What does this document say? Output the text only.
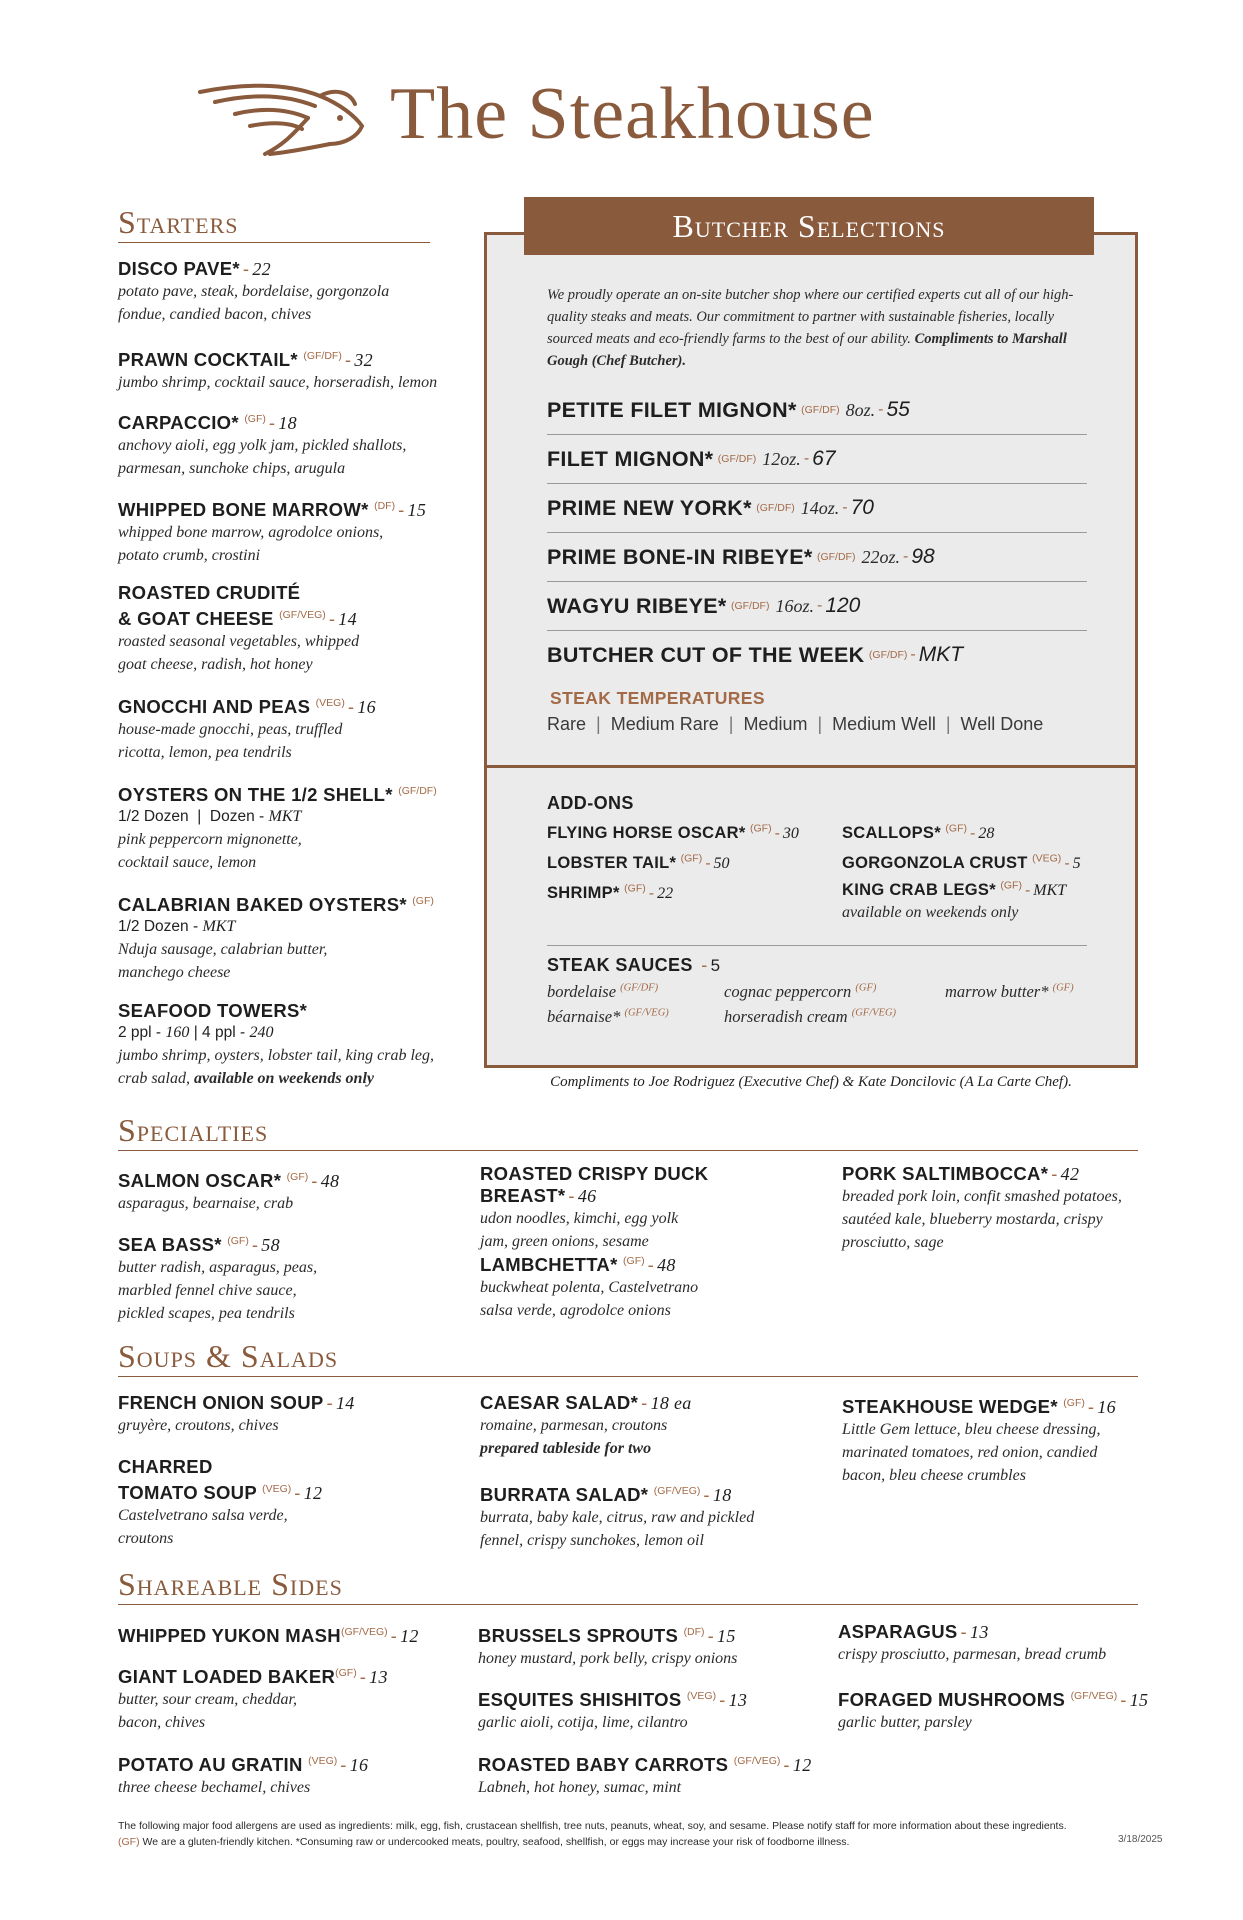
The Steakhouse
Starters
DISCO PAVE* - 22
potato pave, steak, bordelaise, gorgonzola
fondue, candied bacon, chives
PRAWN COCKTAIL* $^{(GF/DF)}$ - 32
jumbo shrimp, cocktail sauce, horseradish, lemon
CARPACCIO* $^{(GF)}$ - 18
anchovy aioli, egg yolk jam, pickled shallots,
parmesan, sunchoke chips, arugula
WHIPPED BONE MARROW* $^{(DF)}$ - 15
whipped bone marrow, agrodolce onions,
potato crumb, crostini
ROASTED CRUDITÉ
& GOAT CHEESE $^{(GF/VEG)}$ - 14
roasted seasonal vegetables, whipped
goat cheese, radish, hot honey
GNOCCHI AND PEAS $^{(VEG)}$ - 16
house-made gnocchi, peas, truffled
ricotta, lemon, pea tendrils
OYSTERS ON THE 1/2 SHELL* $^{(GF/DF)}$
1/2 Dozen  |  Dozen - MKT
pink peppercorn mignonette,
cocktail sauce, lemon
CALABRIAN BAKED OYSTERS* $^{(GF)}$
1/2 Dozen - MKT
Nduja sausage, calabrian butter,
manchego cheese
SEAFOOD TOWERS*
2 ppl - 160 | 4 ppl - 240
jumbo shrimp, oysters, lobster tail, king crab leg,
crab salad, available on weekends only
Butcher Selections
We proudly operate an on-site butcher shop where our certified experts cut all of our high-quality steaks and meats. Our commitment to partner with sustainable fisheries, locally sourced meats and eco-friendly farms to the best of our ability. Compliments to Marshall Gough (Chef Butcher).
PETITE FILET MIGNON*
(GF/DF) 8oz. - 55
FILET MIGNON*
(GF/DF) 12oz. - 67
PRIME NEW YORK*
(GF/DF) 14oz. - 70
PRIME BONE-IN RIBEYE*
(GF/DF) 22oz. - 98
WAGYU RIBEYE*
(GF/DF) 16oz. - 120
BUTCHER CUT OF THE WEEK
(GF/DF) - MKT
STEAK TEMPERATURES
Rare | Medium Rare | Medium | Medium Well | Well Done
ADD-ONS
FLYING HORSE OSCAR* $^{(GF)}$ - 30
LOBSTER TAIL* $^{(GF)}$ - 50
SHRIMP* $^{(GF)}$ - 22
SCALLOPS* $^{(GF)}$ - 28
GORGONZOLA CRUST $^{(VEG)}$ - 5
KING CRAB LEGS* $^{(GF)}$ - MKT
available on weekends only
STEAK SAUCES - 5
bordelaise $^{(GF/DF)}$
béarnaise* $^{(GF/VEG)}$
cognac peppercorn $^{(GF)}$
horseradish cream $^{(GF/VEG)}$
marrow butter* $^{(GF)}$
Compliments to Joe Rodriguez (Executive Chef) & Kate Doncilovic (A La Carte Chef).
Specialties
SALMON OSCAR* $^{(GF)}$ - 48
asparagus, bearnaise, crab
SEA BASS* $^{(GF)}$ - 58
butter radish, asparagus, peas,
marbled fennel chive sauce,
pickled scapes, pea tendrils
ROASTED CRISPY DUCK BREAST* - 46
udon noodles, kimchi, egg yolk
jam, green onions, sesame
LAMBCHETTA* $^{(GF)}$ - 48
buckwheat polenta, Castelvetrano
salsa verde, agrodolce onions
PORK SALTIMBOCCA* - 42
breaded pork loin, confit smashed potatoes,
sautéed kale, blueberry mostarda, crispy
prosciutto, sage
Soups & Salads
FRENCH ONION SOUP - 14
gruyère, croutons, chives
CHARRED
TOMATO SOUP $^{(VEG)}$ - 12
Castelvetrano salsa verde,
croutons
CAESAR SALAD* - 18 ea
romaine, parmesan, croutons
prepared tableside for two
BURRATA SALAD* $^{(GF/VEG)}$ - 18
burrata, baby kale, citrus, raw and pickled
fennel, crispy sunchokes, lemon oil
STEAKHOUSE WEDGE* $^{(GF)}$ - 16
Little Gem lettuce, bleu cheese dressing,
marinated tomatoes, red onion, candied
bacon, bleu cheese crumbles
Shareable Sides
WHIPPED YUKON $MASH^{(GF/VEG)} - 12$
GIANT LOADED $BAKER^{(GF)} - 13$
butter, sour cream, cheddar,
bacon, chives
POTATO AU GRATIN $^{(VEG)}$ - 16
three cheese bechamel, chives
BRUSSELS SPROUTS $^{(DF)}$ - 15
honey mustard, pork belly, crispy onions
ESQUITES SHISHITOS $^{(VEG)}$ - 13
garlic aioli, cotija, lime, cilantro
ROASTED BABY CARROTS $^{(GF/VEG)}$ - 12
Labneh, hot honey, sumac, mint
ASPARAGUS - 13
crispy prosciutto, parmesan, bread crumb
FORAGED MUSHROOMS $^{(GF/VEG)}$ - 15
garlic butter, parsley
The following major food allergens are used as ingredients: milk, egg, fish, crustacean shellfish, tree nuts, peanuts, wheat, soy, and sesame. Please notify staff for more information about these ingredients.
(GF) We are a gluten-friendly kitchen. *Consuming raw or undercooked meats, poultry, seafood, shellfish, or eggs may increase your risk of foodborne illness.	3/18/2025
